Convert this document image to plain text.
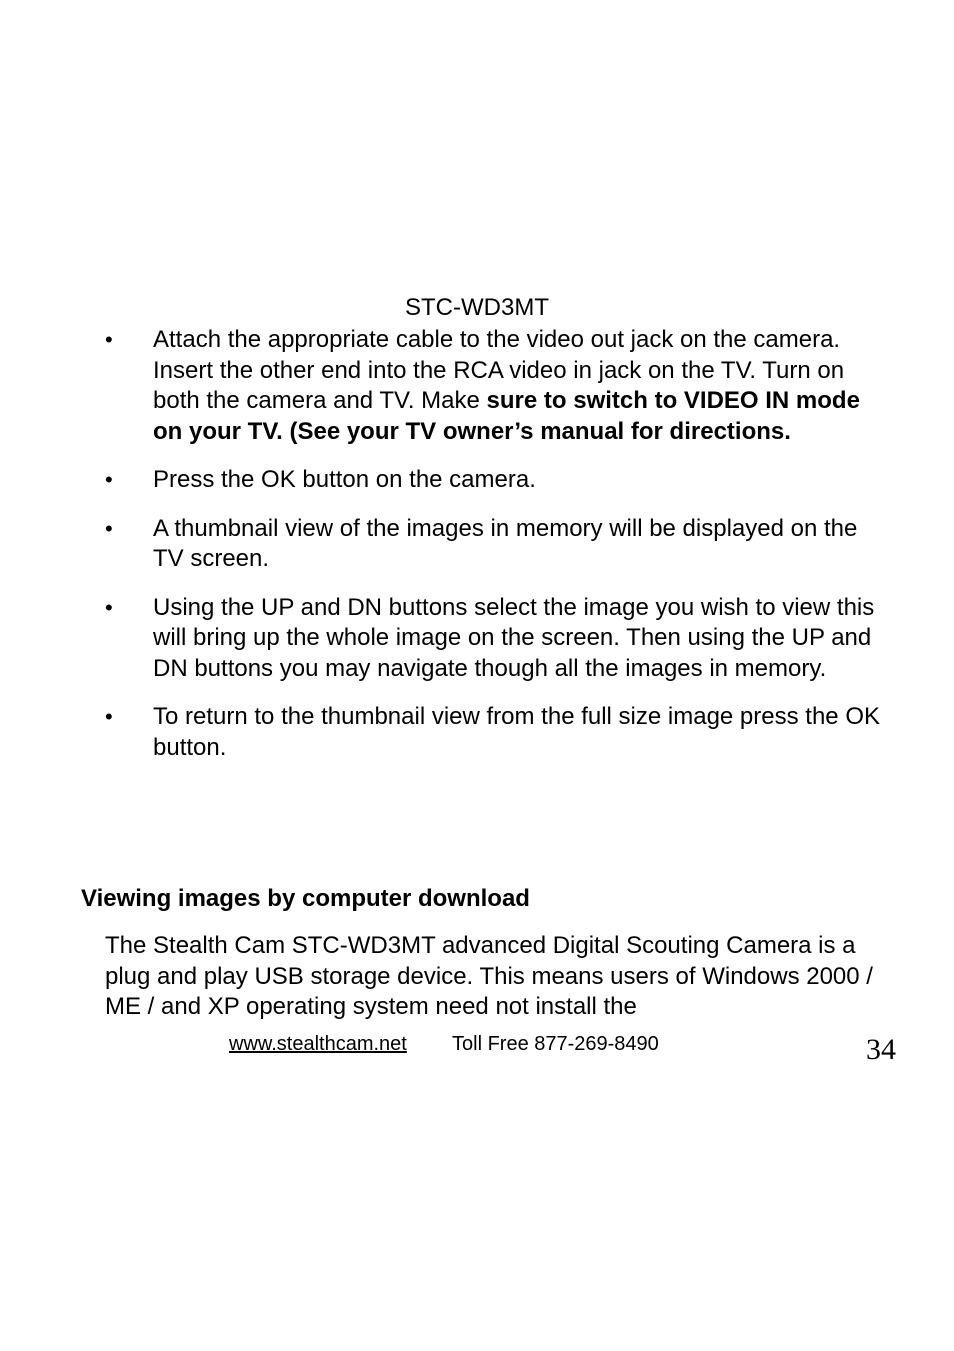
STC-WD3MT
• Attach the appropriate cable to the video out jack on the camera. Insert the other end into the RCA video in jack on the TV. Turn on both the camera and TV. Make sure to switch to VIDEO IN mode on your TV. (See your TV owner’s manual for directions.
• Press the OK button on the camera.
• A thumbnail view of the images in memory will be displayed on the TV screen.
• Using the UP and DN buttons select the image you wish to view this will bring up the whole image on the screen. Then using the UP and DN buttons you may navigate though all the images in memory.
• To return to the thumbnail view from the full size image press the OK button.
Viewing images by computer download

The Stealth Cam STC-WD3MT advanced Digital Scouting Camera is a plug and play USB storage device. This means users of Windows 2000 / ME / and XP operating system need not install the

www.stealthcam.net Toll Free 877-269-8490	34
